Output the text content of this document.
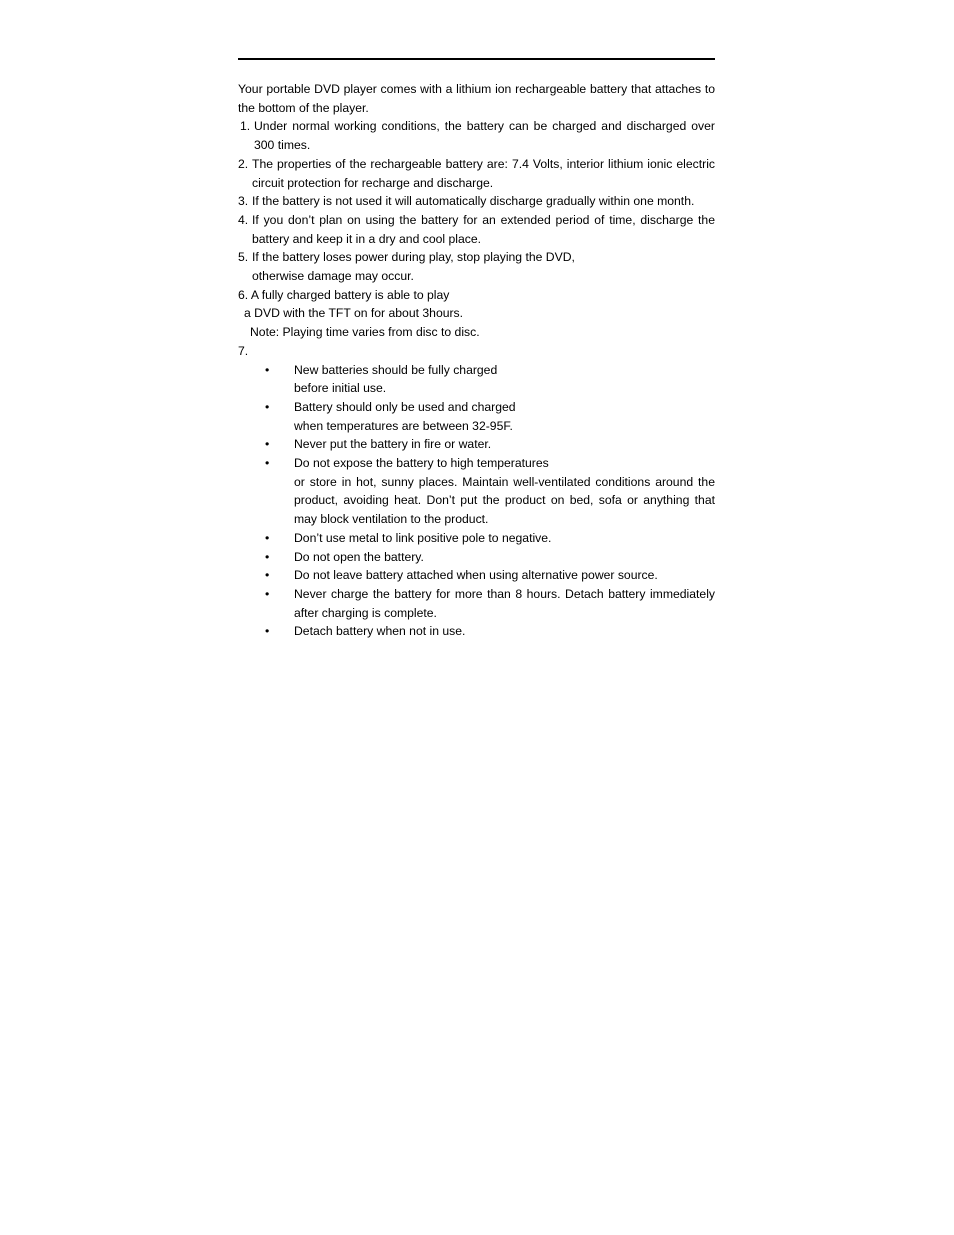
Your portable DVD player comes with a lithium ion rechargeable battery that attaches to the bottom of the player.
1. Under normal working conditions, the battery can be charged and discharged over 300 times.
2. The properties of the rechargeable battery are: 7.4 Volts, interior lithium ionic electric circuit protection for recharge and discharge.
3. If the battery is not used it will automatically discharge gradually within one month.
4. If you don’t plan on using the battery for an extended period of time, discharge the battery and keep it in a dry and cool place.
5. If the battery loses power during play, stop playing the DVD,
otherwise damage may occur.
6. A fully charged battery is able to play
a DVD with the TFT on for about 3hours.
Note: Playing time varies from disc to disc.
7.
• New batteries should be fully charged
before initial use.
• Battery should only be used and charged
when temperatures are between 32-95F.
• Never put the battery in fire or water.
• Do not expose the battery to high temperatures
or store in hot, sunny places. Maintain well-ventilated conditions around the product, avoiding heat. Don’t put the product on bed, sofa or anything that may block ventilation to the product.
• Don’t use metal to link positive pole to negative.
• Do not open the battery.
• Do not leave battery attached when using alternative power source.
• Never charge the battery for more than 8 hours. Detach battery immediately after charging is complete.
• Detach battery when not in use.
